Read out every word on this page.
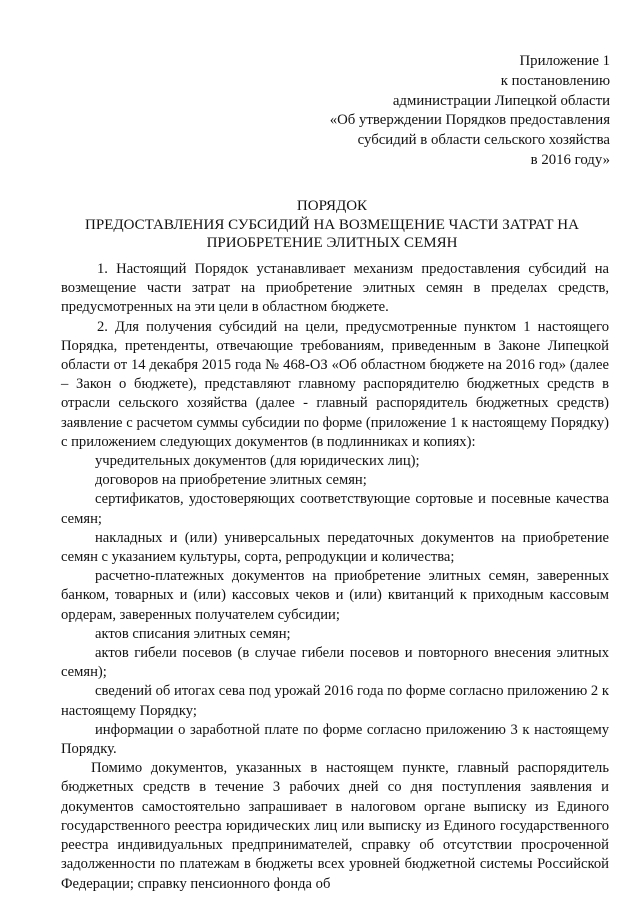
Приложение 1
к постановлению
администрации Липецкой области
«Об утверждении Порядков предоставления
субсидий в области сельского хозяйства
в 2016 году»
ПОРЯДОК
ПРЕДОСТАВЛЕНИЯ СУБСИДИЙ НА ВОЗМЕЩЕНИЕ ЧАСТИ ЗАТРАТ НА
ПРИОБРЕТЕНИЕ ЭЛИТНЫХ СЕМЯН

1. Настоящий Порядок устанавливает механизм предоставления субсидий на возмещение части затрат на приобретение элитных семян в пределах средств, предусмотренных на эти цели в областном бюджете.

2. Для получения субсидий на цели, предусмотренные пунктом 1 настоящего Порядка, претенденты, отвечающие требованиям, приведенным в Законе Липецкой области от 14 декабря 2015 года № 468-ОЗ «Об областном бюджете на 2016 год» (далее – Закон о бюджете), представляют главному распорядителю бюджетных средств в отрасли сельского хозяйства (далее - главный распорядитель бюджетных средств) заявление с расчетом суммы субсидии по форме (приложение 1 к настоящему Порядку) с приложением следующих документов (в подлинниках и копиях):

учредительных документов (для юридических лиц);

договоров на приобретение элитных семян;

сертификатов, удостоверяющих соответствующие сортовые и посевные качества семян;

накладных и (или) универсальных передаточных документов на приобретение семян с указанием культуры, сорта, репродукции и количества;

расчетно-платежных документов на приобретение элитных семян, заверенных банком, товарных и (или) кассовых чеков и (или) квитанций к приходным кассовым ордерам, заверенных получателем субсидии;

актов списания элитных семян;

актов гибели посевов (в случае гибели посевов и повторного внесения элитных семян);

сведений об итогах сева под урожай 2016 года по форме согласно приложению 2 к настоящему Порядку;

информации о заработной плате по форме согласно приложению 3 к настоящему Порядку.

Помимо документов, указанных в настоящем пункте, главный распорядитель бюджетных средств в течение 3 рабочих дней со дня поступления заявления и документов самостоятельно запрашивает в налоговом органе выписку из Единого государственного реестра юридических лиц или выписку из Единого государственного реестра индивидуальных предпринимателей, справку об отсутствии просроченной задолженности по платежам в бюджеты всех уровней бюджетной системы Российской Федерации; справку пенсионного фонда об
